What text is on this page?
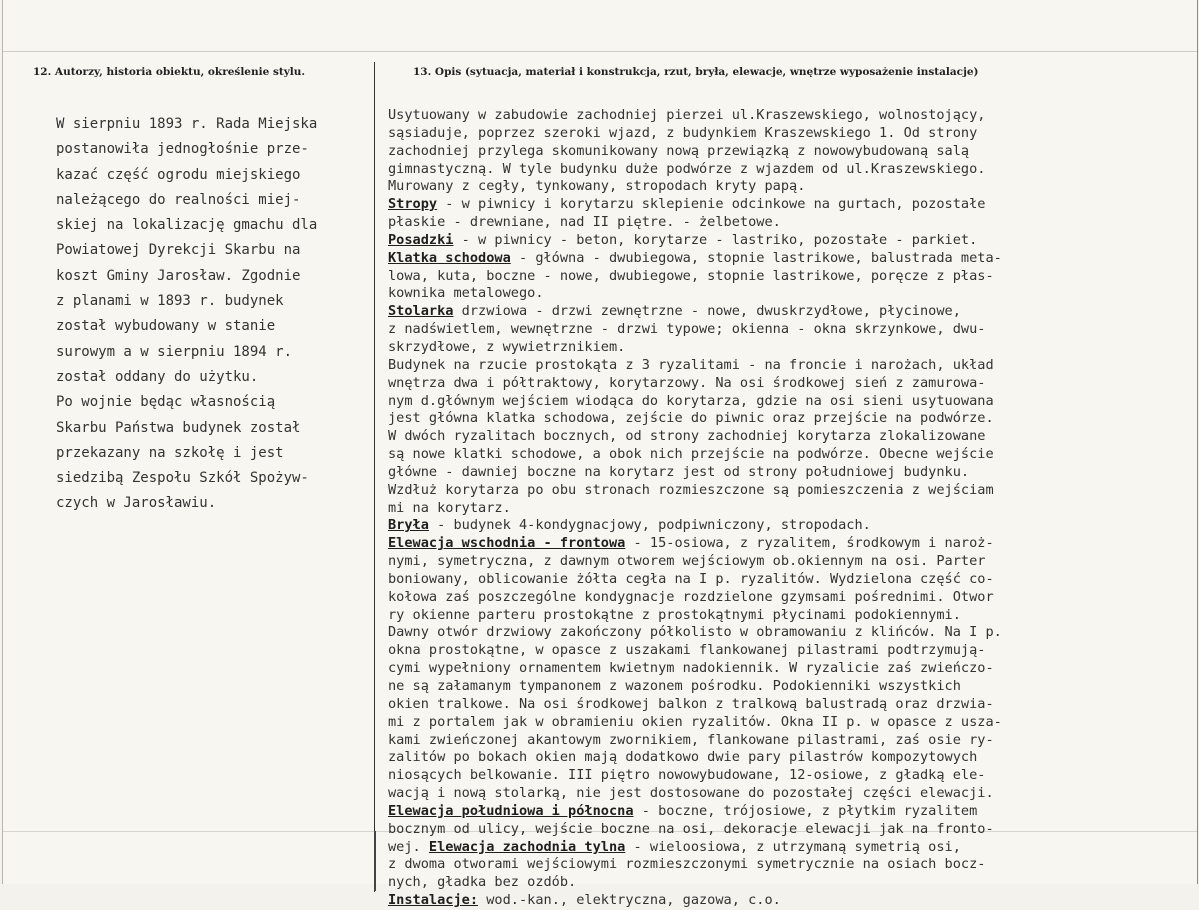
12. Autorzy, historia obiektu, określenie stylu.	13. Opis (sytuacja, materiał i konstrukcja, rzut, bryła, elewacje, wnętrze wyposażenie instalacje)
W sierpniu 1893 r. Rada Miejska
postanowiła jednogłośnie prze-
kazać część ogrodu miejskiego
należącego do realności miej-
skiej na lokalizację gmachu dla
Powiatowej Dyrekcji Skarbu na
koszt Gminy Jarosław. Zgodnie
z planami w 1893 r. budynek
został wybudowany w stanie
surowym a w sierpniu 1894 r.
został oddany do użytku.
Po wojnie będąc własnością
Skarbu Państwa budynek został
przekazany na szkołę i jest
siedzibą Zespołu Szkół Spożyw-
czych w Jarosławiu.
Usytuowany w zabudowie zachodniej pierzei ul.Kraszewskiego, wolnostojący,
sąsiaduje, poprzez szeroki wjazd, z budynkiem Kraszewskiego 1. Od strony
zachodniej przylega skomunikowany nową przewiązką z nowowybudowaną salą
gimnastyczną. W tyle budynku duże podwórze z wjazdem od ul.Kraszewskiego.
Murowany z cegły, tynkowany, stropodach kryty papą.
Stropy - w piwnicy i korytarzu sklepienie odcinkowe na gurtach, pozostałe
płaskie - drewniane, nad II piętre. - żelbetowe.
Posadzki - w piwnicy - beton, korytarze - lastriko, pozostałe - parkiet.
Klatka schodowa - główna - dwubiegowa, stopnie lastrikowe, balustrada meta-
lowa, kuta, boczne - nowe, dwubiegowe, stopnie lastrikowe, poręcze z płas-
kownika metalowego.
Stolarka drzwiowa - drzwi zewnętrzne - nowe, dwuskrzydłowe, płycinowe,
z nadświetlem, wewnętrzne - drzwi typowe; okienna - okna skrzynkowe, dwu-
skrzydłowe, z wywietrznikiem.
Budynek na rzucie prostokąta z 3 ryzalitami - na froncie i narożach, układ
wnętrza dwa i półtraktowy, korytarzowy. Na osi środkowej sień z zamurowa-
nym d.głównym wejściem wiodąca do korytarza, gdzie na osi sieni usytuowana
jest główna klatka schodowa, zejście do piwnic oraz przejście na podwórze.
W dwóch ryzalitach bocznych, od strony zachodniej korytarza zlokalizowane
są nowe klatki schodowe, a obok nich przejście na podwórze. Obecne wejście
główne - dawniej boczne na korytarz jest od strony południowej budynku.
Wzdłuż korytarza po obu stronach rozmieszczone są pomieszczenia z wejściam
mi na korytarz.
Bryła - budynek 4-kondygnacjowy, podpiwniczony, stropodach.
Elewacja wschodnia - frontowa - 15-osiowa, z ryzalitem, środkowym i naroż-
nymi, symetryczna, z dawnym otworem wejściowym ob.okiennym na osi. Parter
boniowany, oblicowanie żółta cegła na I p. ryzalitów. Wydzielona część co-
kołowa zaś poszczególne kondygnacje rozdzielone gzymsami pośrednimi. Otwor
ry okienne parteru prostokątne z prostokątnymi płycinami podokiennymi.
Dawny otwór drzwiowy zakończony półkolisto w obramowaniu z klińców. Na I p.
okna prostokątne, w opasce z uszakami flankowanej pilastrami podtrzymują-
cymi wypełniony ornamentem kwietnym nadokiennik. W ryzalicie zaś zwieńczo-
ne są załamanym tympanonem z wazonem pośrodku. Podokienniki wszystkich
okien tralkowe. Na osi środkowej balkon z tralkową balustradą oraz drzwia-
mi z portalem jak w obramieniu okien ryzalitów. Okna II p. w opasce z uszа-
kami zwieńczonej akantowym zwornikiem, flankowane pilastrami, zaś osie ry-
zalitów po bokach okien mają dodatkowo dwie pary pilastrów kompozytowych
niosących belkowanie. III piętro nowowybudowane, 12-osiowe, z gładką ele-
wacją i nową stolarką, nie jest dostosowane do pozostałej części elewacji.
Elewacja południowa i północna - boczne, trójosiowe, z płytkim ryzalitem
bocznym od ulicy, wejście boczne na osi, dekoracje elewacji jak na fronto-
wej. Elewacja zachodnia tylna - wieloosiowa, z utrzymaną symetrią osi,
z dwoma otworami wejściowymi rozmieszczonymi symetrycznie na osiach bocz-
nych, gładka bez ozdób.
Instalacje: wod.-kan., elektryczna, gazowa, c.o.
